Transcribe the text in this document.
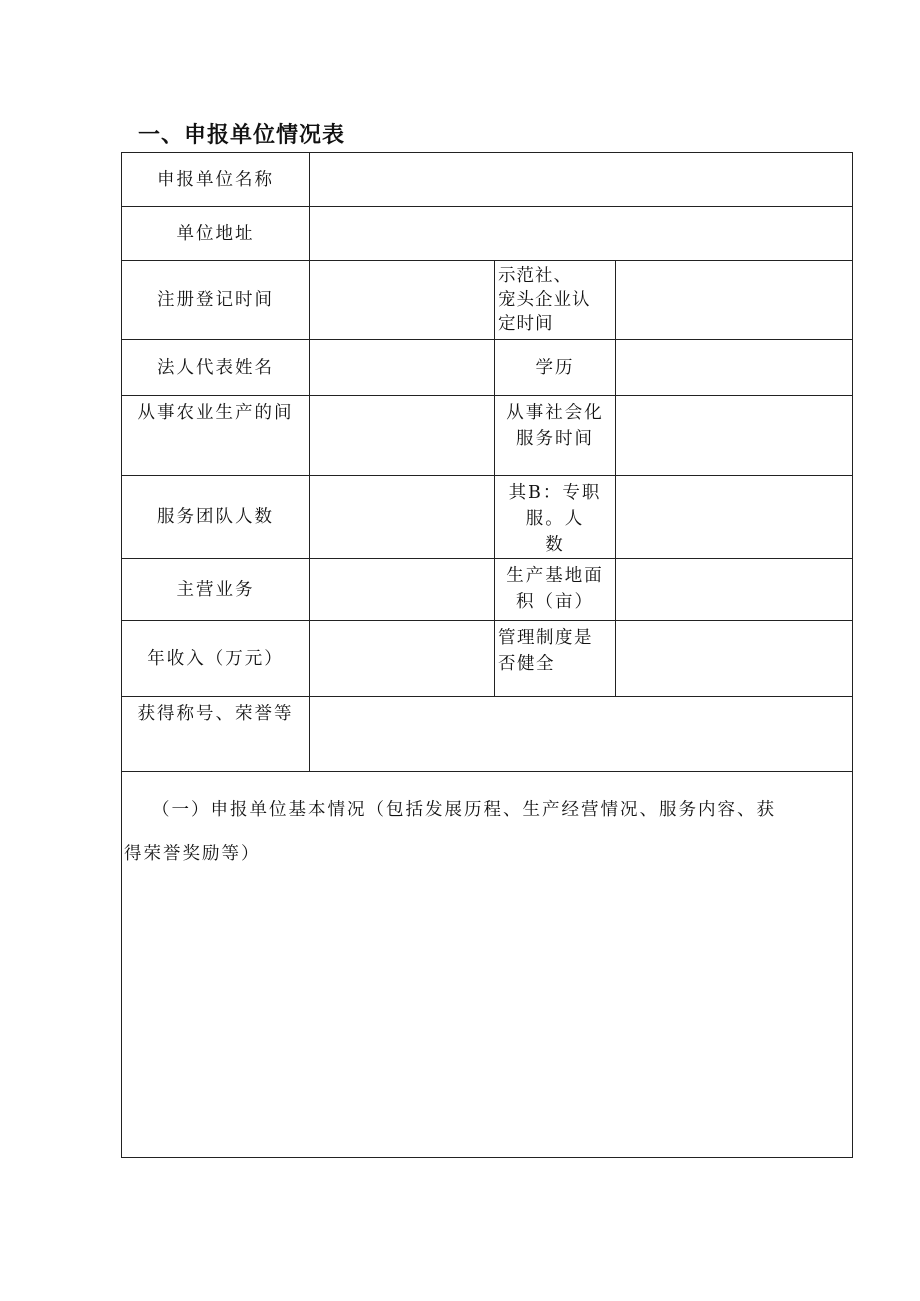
一、申报单位情况表
申报单位名称			
单位地址			
注册登记时间		示范社、
宠头企业认
定时间	

法人代表姓名		学历	
从事农业生产的间		从事社会化
服务时间	

服务团队人数		其B：专职
服。人
数	

主营业务		生产基地面
积（亩）	

年收入（万元）		管理制度是
否健全	

获得称号、荣誉等			

（一）申报单位基本情况（包括发展历程、生产经营情况、服务内容、获
得荣誉奖励等）			
